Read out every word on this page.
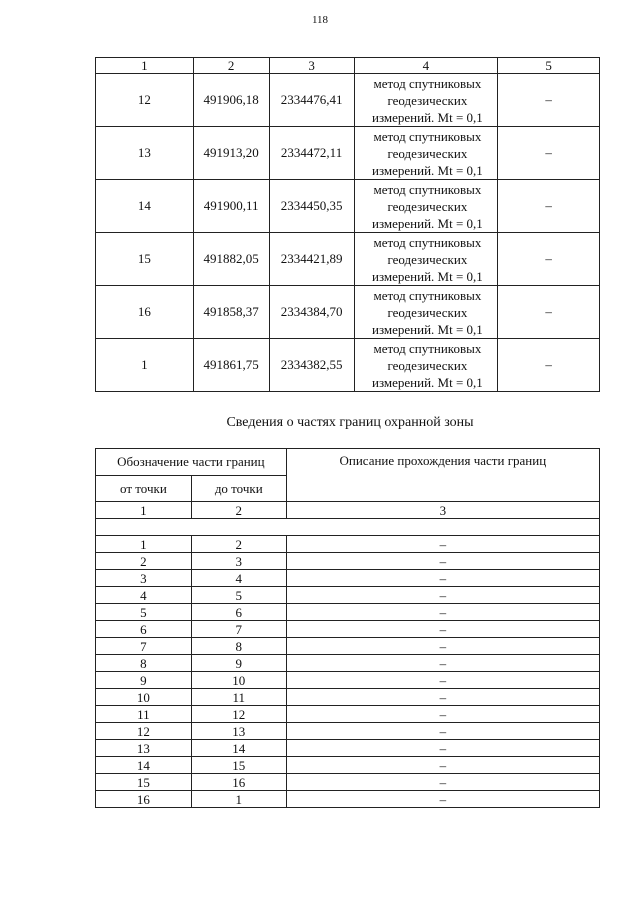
118
1	2	3	4	5
12	491906,18	2334476,41	метод спутниковых
геодезических
измерений. Mt = 0,1	–
13	491913,20	2334472,11	метод спутниковых
геодезических
измерений. Mt = 0,1	–
14	491900,11	2334450,35	метод спутниковых
геодезических
измерений. Mt = 0,1	–
15	491882,05	2334421,89	метод спутниковых
геодезических
измерений. Mt = 0,1	–
16	491858,37	2334384,70	метод спутниковых
геодезических
измерений. Mt = 0,1	–
1	491861,75	2334382,55	метод спутниковых
геодезических
измерений. Mt = 0,1	–
Сведения о частях границ охранной зоны
Обозначение части границ		Описание прохождения части границ
от точки	до точки	
1	2	3

1	2	–
2	3	–
3	4	–
4	5	–
5	6	–
6	7	–
7	8	–
8	9	–
9	10	–
10	11	–
11	12	–
12	13	–
13	14	–
14	15	–
15	16	–
16	1	–
